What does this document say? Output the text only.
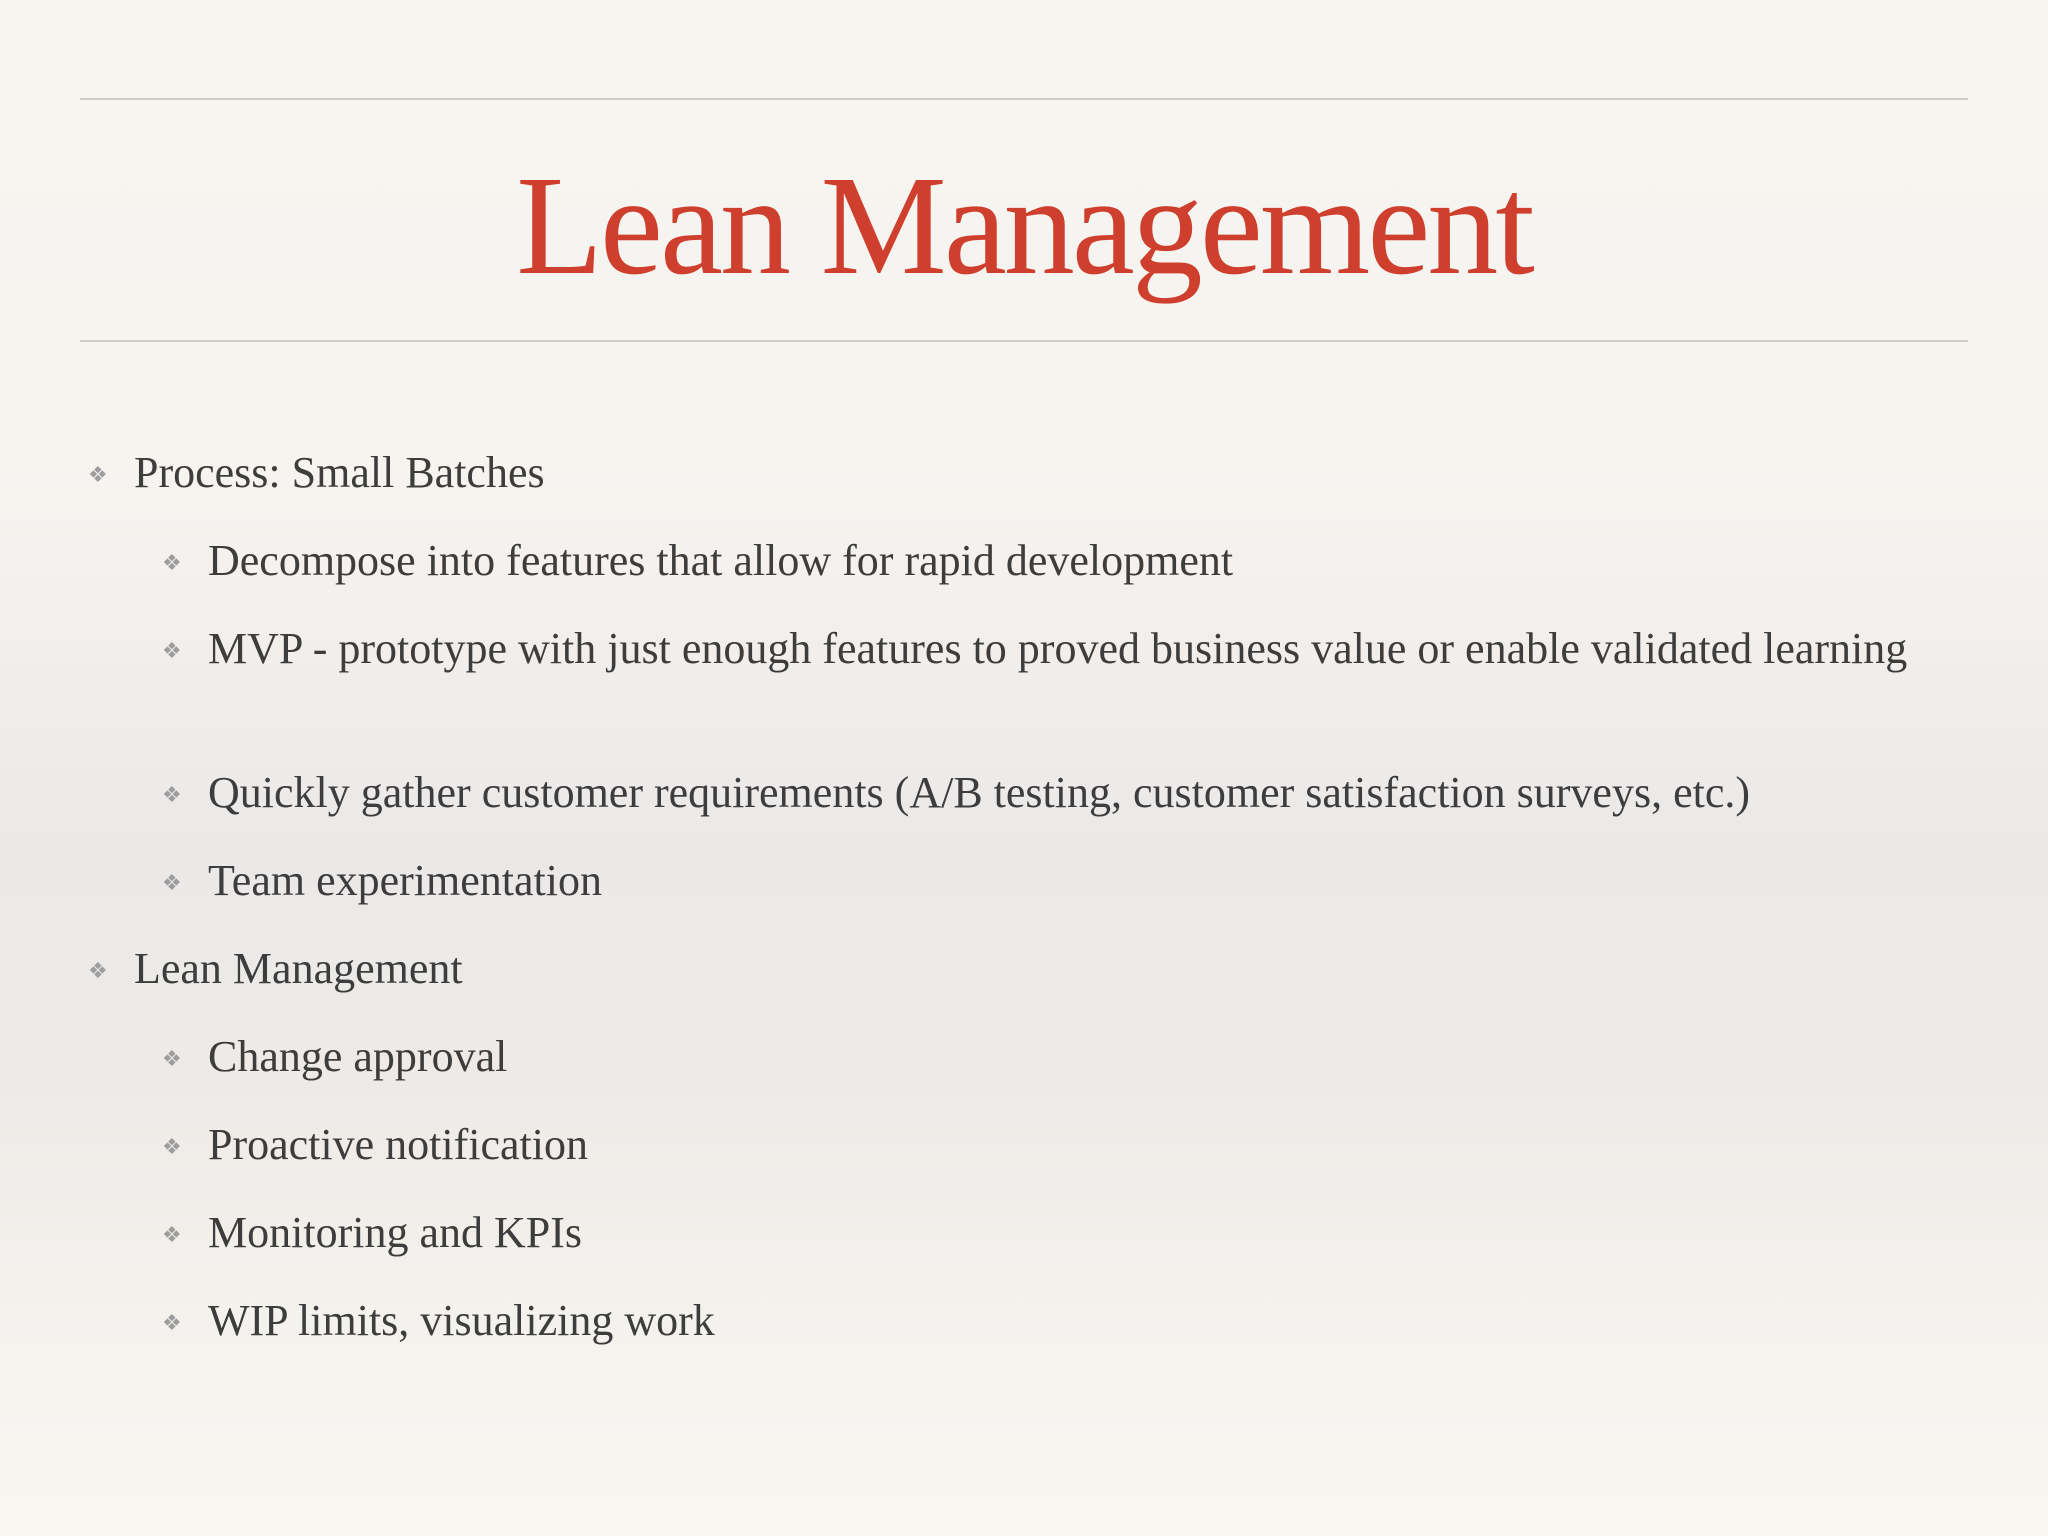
Lean Management
❖ Process: Small Batches
❖ Decompose into features that allow for rapid development
❖ MVP - prototype with just enough features to proved business value or enable validated learning
❖ Quickly gather customer requirements (A/B testing, customer satisfaction surveys, etc.)
❖ Team experimentation
❖ Lean Management
❖ Change approval
❖ Proactive notification
❖ Monitoring and KPIs
❖ WIP limits, visualizing work
